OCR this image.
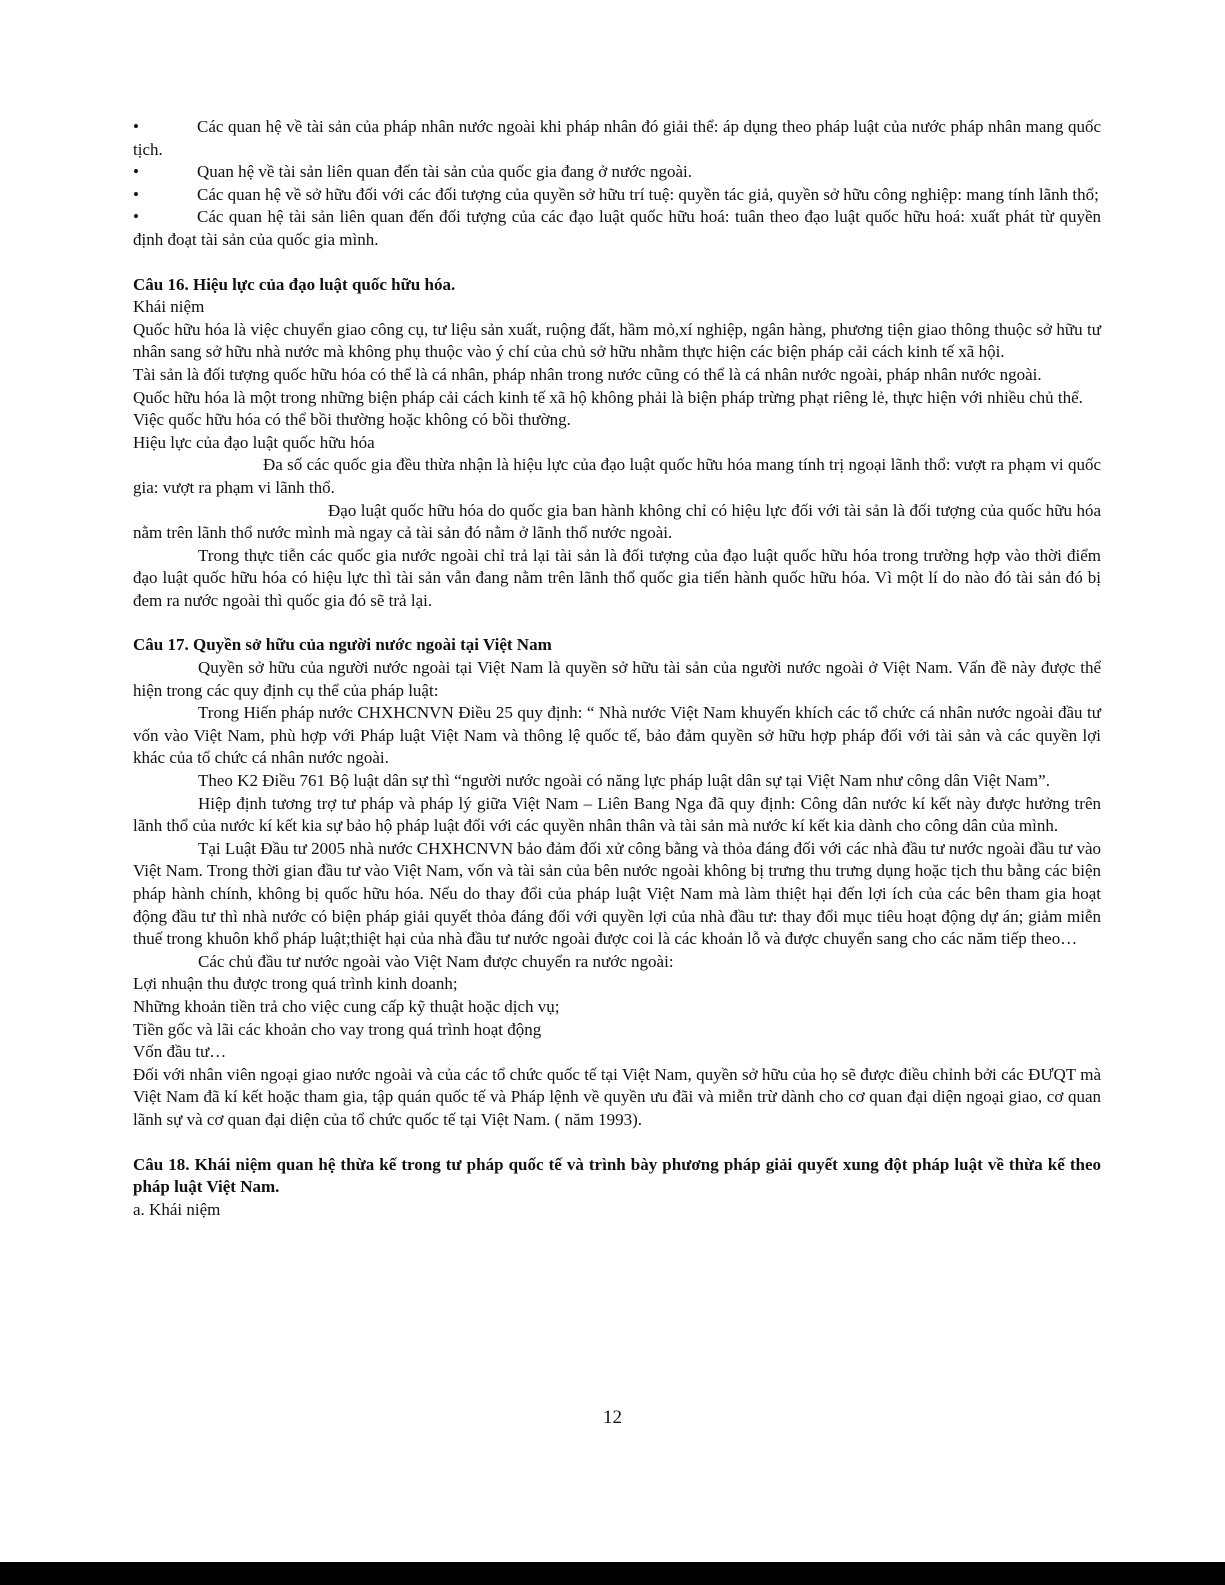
•	Các quan hệ về tài sản của pháp nhân nước ngoài khi pháp nhân đó giải thể: áp dụng theo pháp luật của nước pháp nhân mang quốc tịch.

•	Quan hệ về tài sản liên quan đến tài sản của quốc gia đang ở nước ngoài.

•	Các quan hệ về sở hữu đối với các đối tượng của quyền sở hữu trí tuệ: quyền tác giả, quyền sở hữu công nghiệp: mang tính lãnh thổ;

•	Các quan hệ tài sản liên quan đến đối tượng của các đạo luật quốc hữu hoá: tuân theo đạo luật quốc hữu hoá: xuất phát từ quyền định đoạt tài sản của quốc gia mình.

Câu 16. Hiệu lực của đạo luật quốc hữu hóa.

Khái niệm

Quốc hữu hóa là việc chuyển giao công cụ, tư liệu sản xuất, ruộng đất, hầm mỏ,xí nghiệp, ngân hàng, phương tiện giao thông thuộc sở hữu tư nhân sang sở hữu nhà nước mà không phụ thuộc vào ý chí của chủ sở hữu nhằm thực hiện các biện pháp cải cách kinh tế xã hội.

Tài sản là đối tượng quốc hữu hóa có thể là cá nhân, pháp nhân trong nước cũng có thể là cá nhân nước ngoài, pháp nhân nước ngoài.

Quốc hữu hóa là một trong những biện pháp cải cách kinh tế xã hộ không phải là biện pháp trừng phạt riêng lẻ, thực hiện với nhiều chủ thể.

Việc quốc hữu hóa có thể bồi thường hoặc không có bồi thường.

Hiệu lực của đạo luật quốc hữu hóa

Đa số các quốc gia đều thừa nhận là hiệu lực của đạo luật quốc hữu hóa mang tính trị ngoại lãnh thổ: vượt ra phạm vi quốc gia: vượt ra phạm vi lãnh thổ.

Đạo luật quốc hữu hóa do quốc gia ban hành không chỉ có hiệu lực đối với tài sản là đối tượng của quốc hữu hóa nằm trên lãnh thổ nước mình mà ngay cả tài sản đó nằm ở lãnh thổ nước ngoài.

Trong thực tiễn các quốc gia nước ngoài chỉ trả lại tài sản là đối tượng của đạo luật quốc hữu hóa trong trường hợp vào thời điểm đạo luật quốc hữu hóa có hiệu lực thì tài sản vẫn đang nằm trên lãnh thổ quốc gia tiến hành quốc hữu hóa. Vì một lí do nào đó tài sản đó bị đem ra nước ngoài thì quốc gia đó sẽ trả lại.

Câu 17. Quyền sở hữu của người nước ngoài tại Việt Nam

Quyền sở hữu của người nước ngoài tại Việt Nam là quyền sở hữu tài sản của người nước ngoài ở Việt Nam. Vấn đề này được thể hiện trong các quy định cụ thể của pháp luật:

Trong Hiến pháp nước CHXHCNVN Điều 25 quy định: “ Nhà nước Việt Nam khuyến khích các tổ chức cá nhân nước ngoài đầu tư vốn vào Việt Nam, phù hợp với Pháp luật Việt Nam và thông lệ quốc tế, bảo đảm quyền sở hữu hợp pháp đối với tài sản và các quyền lợi khác của tổ chức cá nhân nước ngoài.

Theo K2 Điều 761 Bộ luật dân sự thì “người nước ngoài có năng lực pháp luật dân sự tại Việt Nam như công dân Việt Nam”.

Hiệp định tương trợ tư pháp và pháp lý giữa Việt Nam – Liên Bang Nga đã quy định: Công dân nước kí kết này được hưởng trên lãnh thổ của nước kí kết kia sự bảo hộ pháp luật đối với các quyền nhân thân và tài sản mà nước kí kết kia dành cho công dân của mình.

Tại Luật Đầu tư 2005 nhà nước CHXHCNVN bảo đảm đối xử công bằng và thỏa đáng đối với các nhà đầu tư nước ngoài đầu tư vào Việt Nam. Trong thời gian đầu tư vào Việt Nam, vốn và tài sản của bên nước ngoài không bị trưng thu trưng dụng hoặc tịch thu bằng các biện pháp hành chính, không bị quốc hữu hóa. Nếu do thay đổi của pháp luật Việt Nam mà làm thiệt hại đến lợi ích của các bên tham gia hoạt động đầu tư thì nhà nước có biện pháp giải quyết thỏa đáng đối với quyền lợi của nhà đầu tư: thay đổi mục tiêu hoạt động dự án; giảm miễn thuế trong khuôn khổ pháp luật;thiệt hại của nhà đầu tư nước ngoài được coi là các khoản lỗ và được chuyển sang cho các năm tiếp theo…

Các chủ đầu tư nước ngoài vào Việt Nam được chuyển ra nước ngoài:

Lợi nhuận thu được trong quá trình kinh doanh;

Những khoản tiền trả cho việc cung cấp kỹ thuật hoặc dịch vụ;

Tiền gốc và lãi các khoản cho vay trong quá trình hoạt động

Vốn đầu tư…

Đối với nhân viên ngoại giao nước ngoài và của các tổ chức quốc tế tại Việt Nam, quyền sở hữu của họ sẽ được điều chỉnh bởi các ĐƯQT mà Việt Nam đã kí kết hoặc tham gia, tập quán quốc tế và Pháp lệnh về quyền ưu đãi và miễn trừ dành cho cơ quan đại diện ngoại giao, cơ quan lãnh sự và cơ quan đại diện của tổ chức quốc tế tại Việt Nam. ( năm 1993).

Câu 18. Khái niệm quan hệ thừa kế trong tư pháp quốc tế và trình bày phương pháp giải quyết xung đột pháp luật về thừa kế theo pháp luật Việt Nam.

a. Khái niệm

12
